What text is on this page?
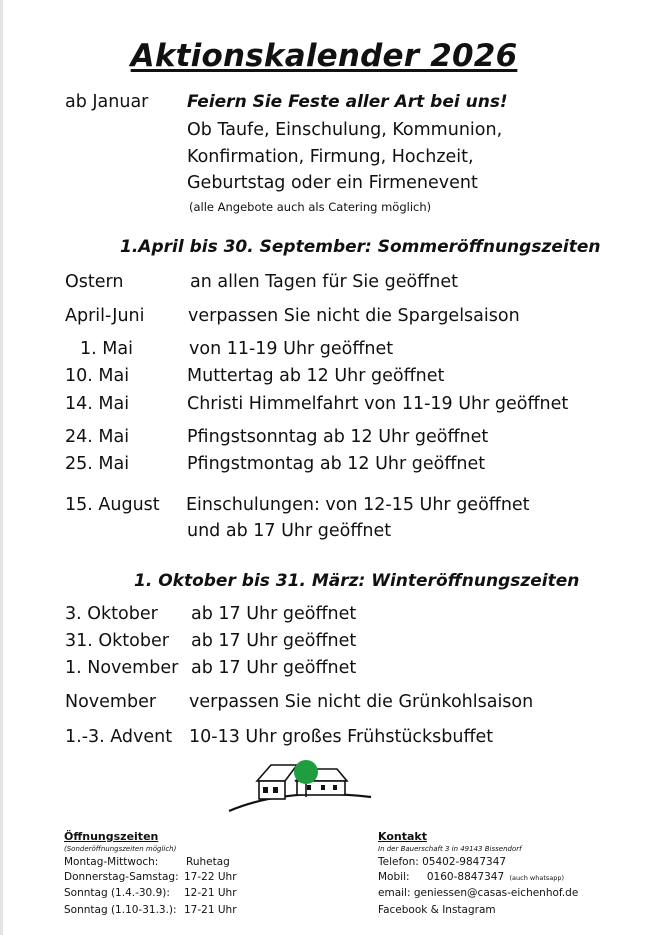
Aktionskalender 2026
ab Januar Feiern Sie Feste aller Art bei uns!
Ob Taufe, Einschulung, Kommunion,
Konfirmation, Firmung, Hochzeit,
Geburtstag oder ein Firmenevent
(alle Angebote auch als Catering möglich)
1.April bis 30. September: Sommeröffnungszeiten
Ostern	an allen Tagen für Sie geöffnet
April-Juni verpassen Sie nicht die Spargelsaison
1. Mai	von 11-19 Uhr geöffnet
10. Mai	Muttertag ab 12 Uhr geöffnet
14. Mai	Christi Himmelfahrt von 11-19 Uhr geöffnet
24. Mai	Pfingstsonntag ab 12 Uhr geöffnet
25. Mai	Pfingstmontag ab 12 Uhr geöffnet
15. August Einschulungen: von 12-15 Uhr geöffnet
und ab 17 Uhr geöffnet
1. Oktober bis 31. März: Winteröffnungszeiten
3. Oktober ab 17 Uhr geöffnet
31. Oktober ab 17 Uhr geöffnet
1. November ab 17 Uhr geöffnet
November verpassen Sie nicht die Grünkohlsaison
1.-3. Advent 10-13 Uhr großes Frühstücksbuffet
Öffnungszeiten
(Sonderöffnungszeiten möglich)
Montag-Mittwoch:	Ruhetag
Donnerstag-Samstag: 17-22 Uhr
Sonntag (1.4.-30.9): 12-21 Uhr
Sonntag (1.10-31.3.): 17-21 Uhr
Kontakt
In der Bauerschaft 3 in 49143 Bissendorf
Telefon: 05402-9847347
Mobil: 0160-8847347 (auch whatsapp)
email: geniessen@casas-eichenhof.de
Facebook & Instagram
